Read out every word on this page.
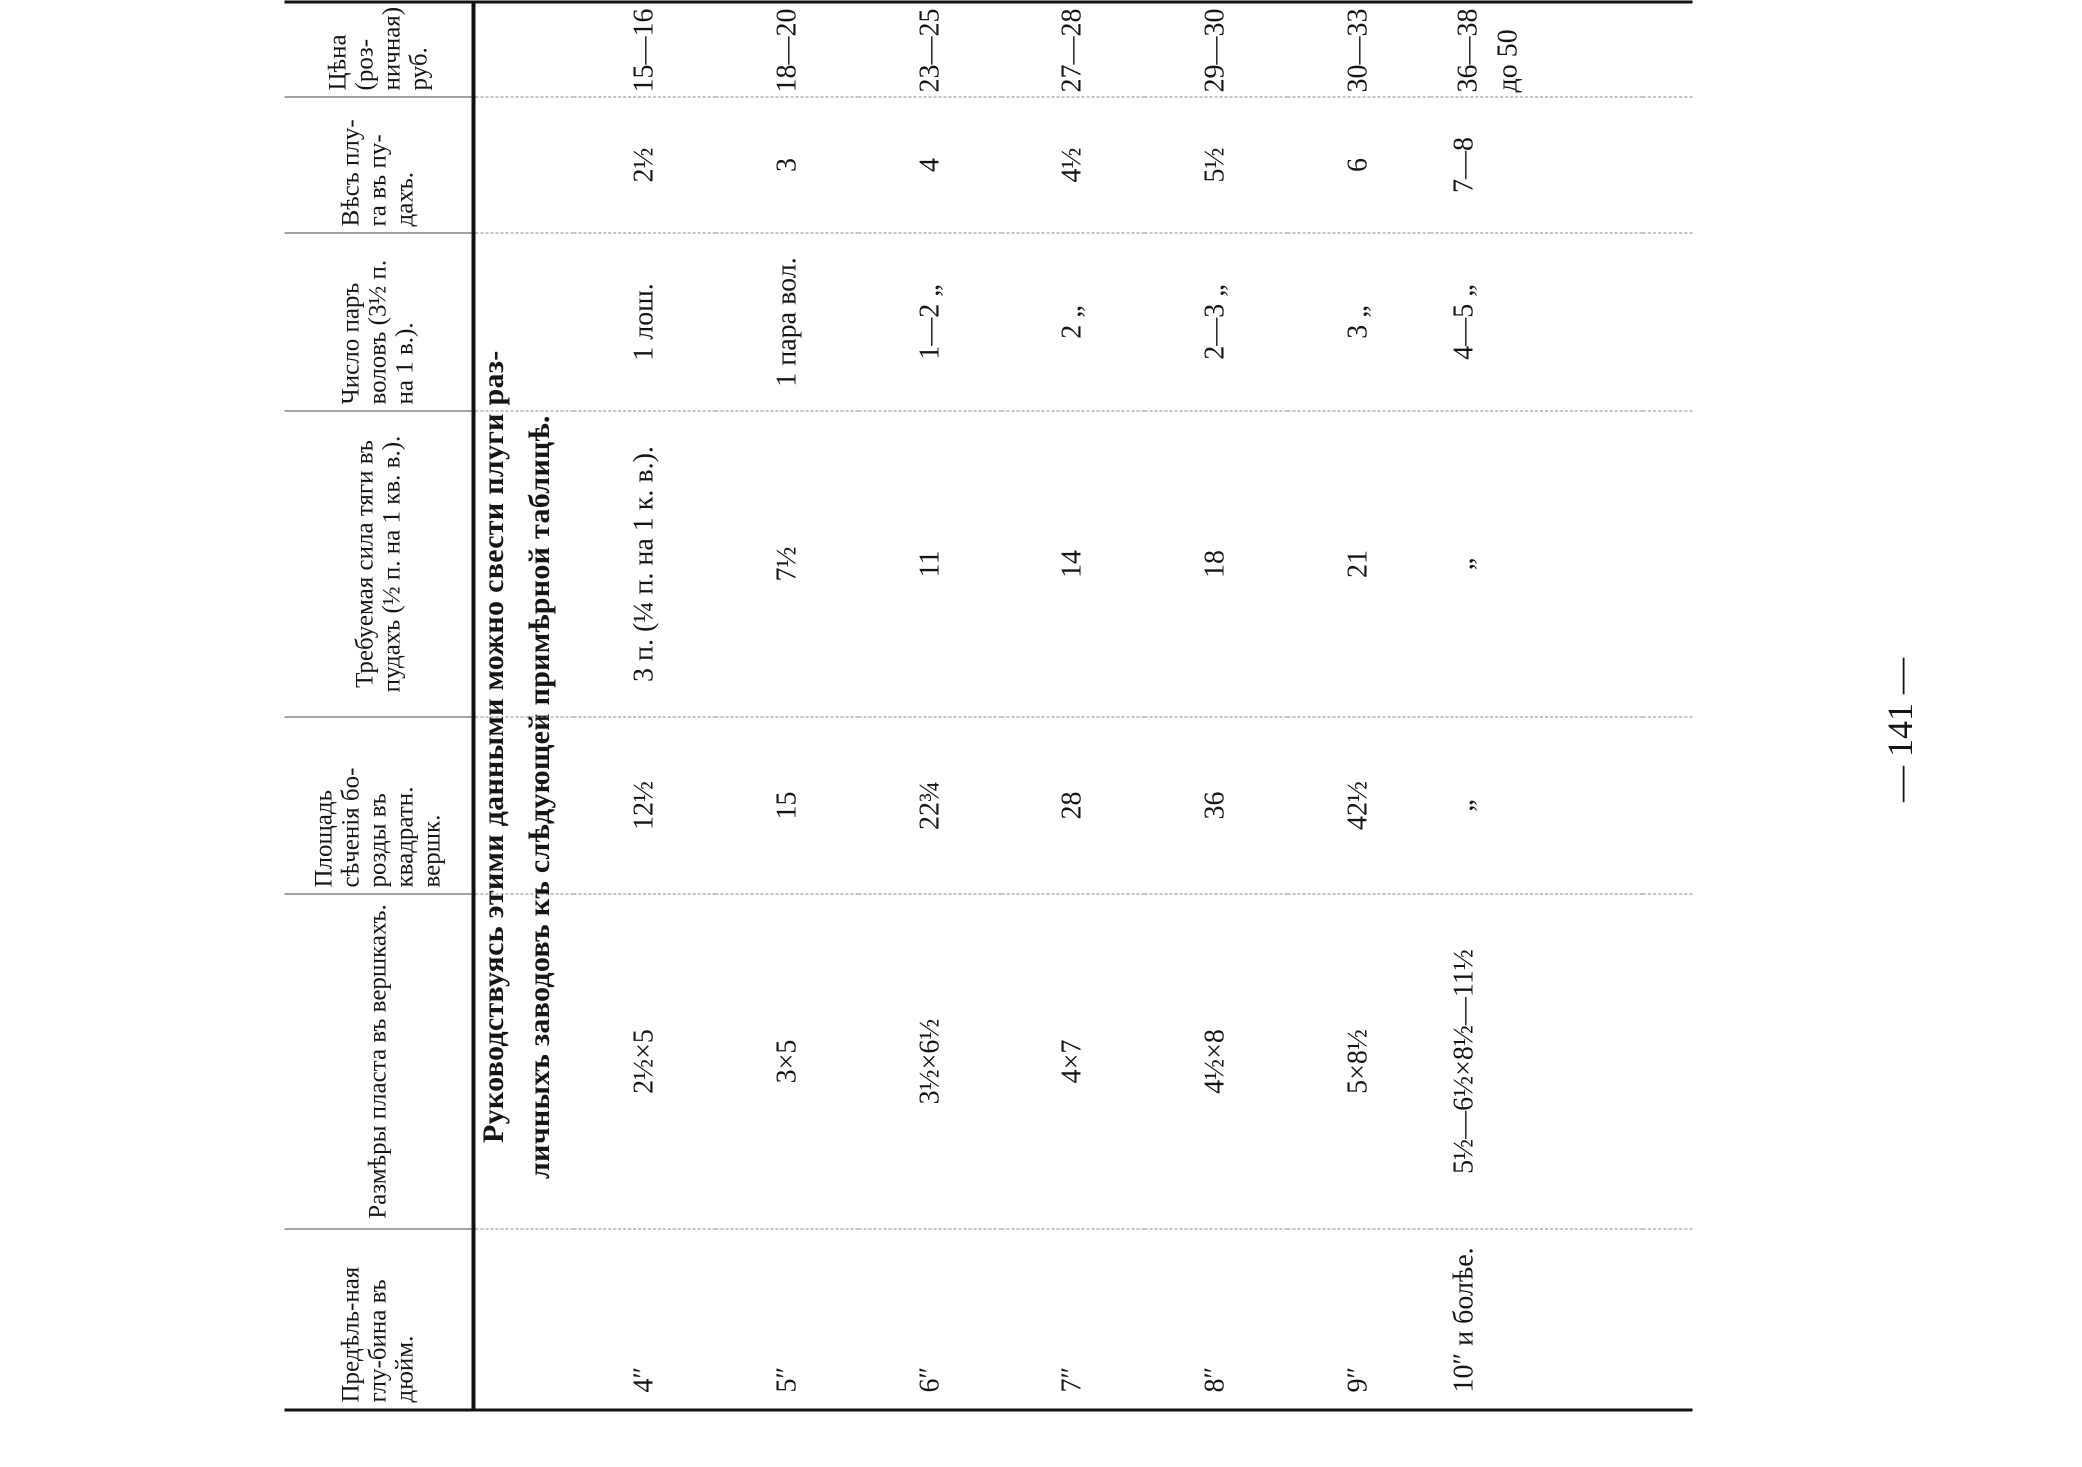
— 141 —
Руководствуясь этими данными можно свести плуги раз- личныхъ заводовъ къ слѣдующей примѣрной таблицѣ.
Предѣль-ная глу-бина въ дюйм.	Размѣры пласта въ вершкахъ.	Площадь сѣченія бо-розды въ квадратн. вершк.	Требуемая сила тяги въ пудахъ (½ п. на 1 кв. в.).	Число паръ воловъ (3½ п. на 1 в.).	Вѣсъ плу-га въ пу-дахъ.	Цѣна (роз-ничная) руб.

4″	2½×5	12½	3 п. (¼ п. на 1 к. в.).	1 лош.	2½	15—16
5″	3×5	15	7½	1 пара вол.	3	18—20
6″	3½×6½	22¾	11	1—2 „	4	23—25
7″	4×7	28	14	2 „	4½	27—28
8″	4½×8	36	18	2—3 „	5½	29—30
9″	5×8½	42½	21	3 „	6	30—33
10″ и болѣе.	5½—6½×8½—11½	„	„	4—5 „	7—8	36—38 до 50
